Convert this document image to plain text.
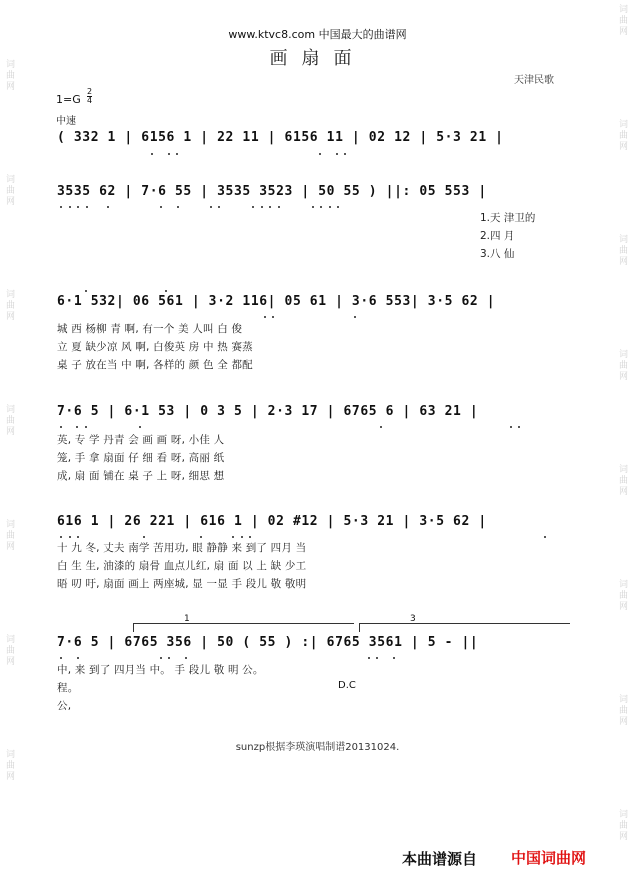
词
曲
网
词
曲
网
词
曲
网
词
曲
网
词
曲
网
词
曲
网
词
曲
网
词
曲
网
词
曲
网
词
曲
网
词
曲
网
词
曲
网
词
曲
网
词
曲
网
词
曲
网
www.ktvc8.com 中国最大的曲谱网
画扇面
天津民歌
$1=G \frac{2}{4}$
中速
( 332 1 | 6156 1 | 22 11 | 6156 11 | 02 12 | 5·3 21 |
3535 62 | 7·6 55 | 3535 3523 | 50 55 ) ||: 05 553 |
1.天 津卫的
2.四 月
3.八 仙
6·1 532| 06 561 | 3·2 116| 05 61 | 3·6 553| 3·5 62 |
城 西 杨柳 青 啊, 有一个 美 人叫 白 俊
立 夏 缺少凉 风 啊, 白俊英 房 中 热 赛蒸
桌 子 放在当 中 啊, 各样的 颜 色 全 都配
7·6 5 | 6·1 53 | 0 3 5 | 2·3 17 | 6765 6 | 63 21 |
英, 专 学 丹青 会 画 画 呀, 小佳 人
笼, 手 拿 扇面 仔 细 看 呀, 高丽 纸
成, 扇 面 铺在 桌 子 上 呀, 细思 想
616 1 | 26 221 | 616 1 | 02 #12 | 5·3 21 | 3·5 62 |
十 九 冬, 丈夫 南学 苦用功, 眼 静静 来 到了 四月 当
白 生 生, 油漆的 扇骨 血点儿红, 扇 面 以 上 缺 少工
晤 叨 吁, 扇面 画上 两座城, 显 一显 手 段儿 敬 敬明
1	3
7·6 5 | 6765 356 | 50 ( 55 ) :| 6765 3561 | 5 - ||
中, 来 到了 四月当 中。 手 段儿 敬 明 公。
程。
公,
D.C
sunzp根据李瑛演唱制谱20131024.
本曲谱源自 中国词曲网
